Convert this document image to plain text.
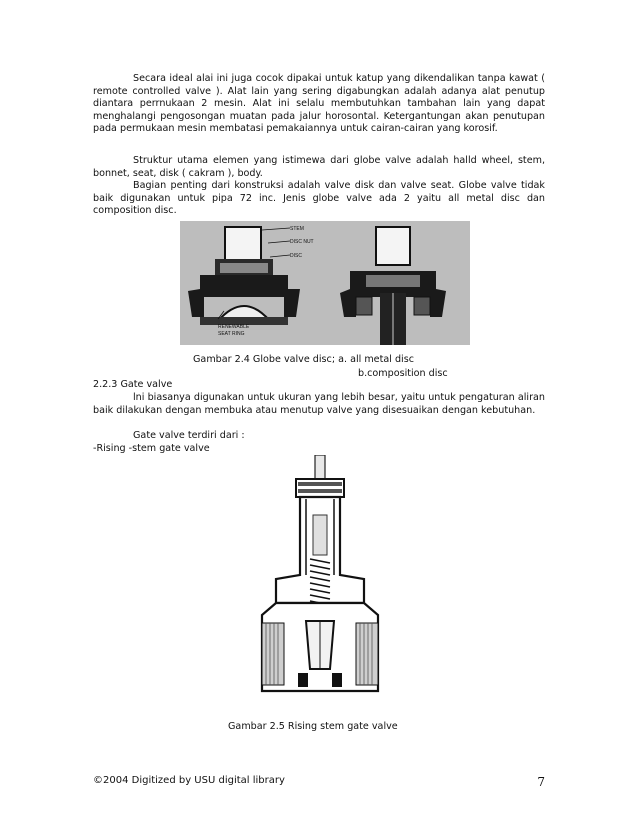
Secara ideal alai ini juga cocok dipakai untuk katup yang dikendalikan tanpa kawat ( remote controlled valve ). Alat lain yang sering digabungkan adalah adanya alat penutup diantara perrnukaan 2 mesin. Alat ini selalu membutuhkan tambahan lain yang dapat menghalangi pengosongan muatan pada jalur horosontal. Ketergantungan akan penutupan pada permukaan mesin membatasi pemakaiannya untuk cairan-cairan yang korosif.

Struktur utama elemen yang istimewa dari globe valve adalah halld wheel, stem, bonnet, seat, disk ( cakram ), body.

Bagian penting dari konstruksi adalah valve disk dan valve seat. Globe valve tidak baik digunakan untuk pipa 72 inc. Jenis globe valve ada 2 yaitu all metal disc dan composition disc.

STEM
DISC NUT
DISC
RENEWABLE
SEAT RING
Gambar 2.4 Globe valve disc; a. all metal disc
b.composition disc
2.2.3 Gate valve

lni biasanya digunakan untuk ukuran yang lebih besar, yaitu untuk pengaturan aliran baik dilakukan dengan membuka atau menutup valve yang disesuaikan dengan kebutuhan.

Gate valve terdiri dari :
-Rising -stem gate valve
Gambar 2.5 Rising stem gate valve
©2004 Digitized by USU digital library	7
